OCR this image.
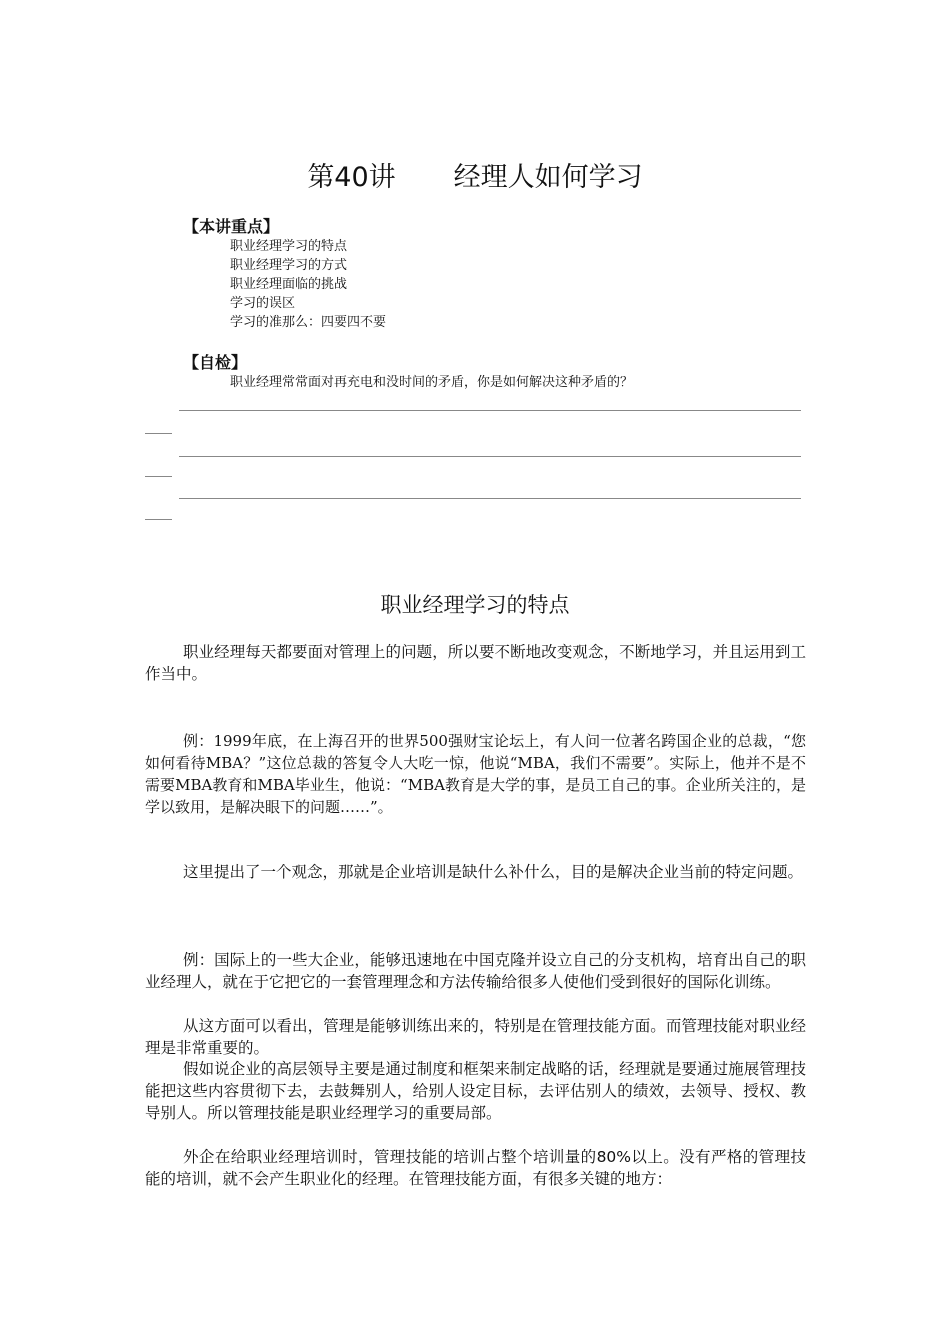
第40讲 经理人如何学习
【本讲重点】
职业经理学习的特点
职业经理学习的方式
职业经理面临的挑战
学习的误区
学习的准那么：四要四不要
【自检】
职业经理常常面对再充电和没时间的矛盾，你是如何解决这种矛盾的？
职业经理学习的特点

职业经理每天都要面对管理上的问题，所以要不断地改变观念，不断地学习，并且运用到工作当中。

例：1999年底，在上海召开的世界500强财宝论坛上，有人问一位著名跨国企业的总裁，“您如何看待MBA？”这位总裁的答复令人大吃一惊，他说“MBA，我们不需要”。实际上，他并不是不需要MBA教育和MBA毕业生，他说：“MBA教育是大学的事，是员工自己的事。企业所关注的，是学以致用，是解决眼下的问题……”。

这里提出了一个观念，那就是企业培训是缺什么补什么，目的是解决企业当前的特定问题。

例：国际上的一些大企业，能够迅速地在中国克隆并设立自己的分支机构，培育出自己的职业经理人，就在于它把它的一套管理理念和方法传输给很多人使他们受到很好的国际化训练。

从这方面可以看出，管理是能够训练出来的，特别是在管理技能方面。而管理技能对职业经理是非常重要的。

假如说企业的高层领导主要是通过制度和框架来制定战略的话，经理就是要通过施展管理技能把这些内容贯彻下去，去鼓舞别人，给别人设定目标，去评估别人的绩效，去领导、授权、教导别人。所以管理技能是职业经理学习的重要局部。

外企在给职业经理培训时，管理技能的培训占整个培训量的80%以上。没有严格的管理技能的培训，就不会产生职业化的经理。在管理技能方面，有很多关键的地方：
